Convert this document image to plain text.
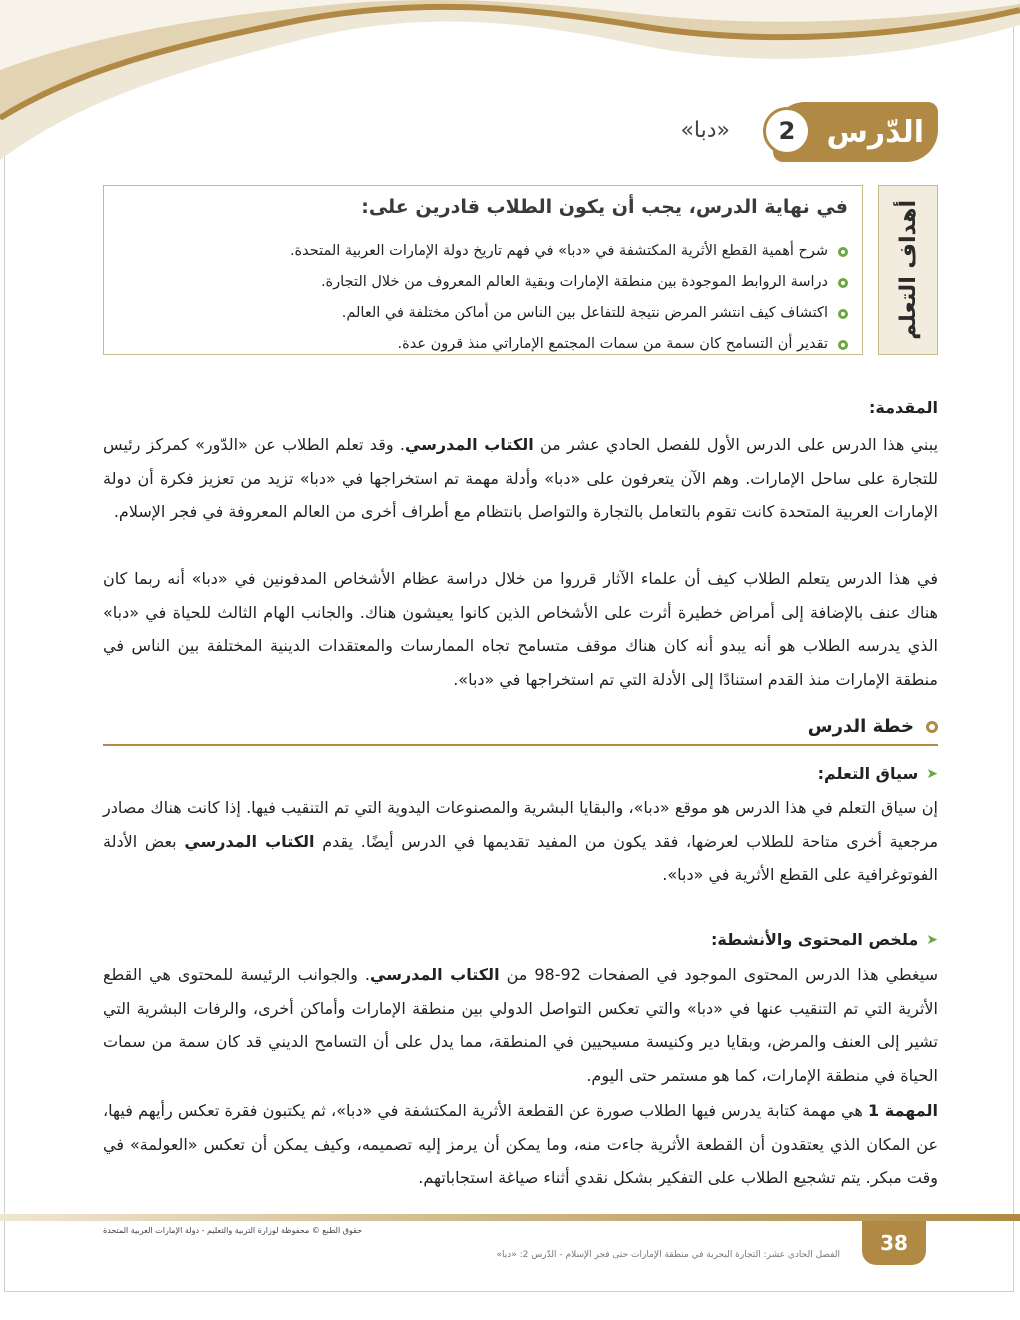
الدّرس
2
«دبا»
أهداف التعلم
في نهاية الدرس، يجب أن يكون الطلاب قادرين على:
شرح أهمية القطع الأثرية المكتشفة في «دبا» في فهم تاريخ دولة الإمارات العربية المتحدة.
دراسة الروابط الموجودة بين منطقة الإمارات وبقية العالم المعروف من خلال التجارة.
اكتشاف كيف انتشر المرض نتيجة للتفاعل بين الناس من أماكن مختلفة في العالم.
تقدير أن التسامح كان سمة من سمات المجتمع الإماراتي منذ قرون عدة.
المقدمة:

يبني هذا الدرس على الدرس الأول للفصل الحادي عشر من الكتاب المدرسي. وقد تعلم الطلاب عن «الدّور» كمركز رئيس للتجارة على ساحل الإمارات. وهم الآن يتعرفون على «دبا» وأدلة مهمة تم استخراجها في «دبا» تزيد من تعزيز فكرة أن دولة الإمارات العربية المتحدة كانت تقوم بالتعامل بالتجارة والتواصل بانتظام مع أطراف أخرى من العالم المعروفة في فجر الإسلام.

في هذا الدرس يتعلم الطلاب كيف أن علماء الآثار قرروا من خلال دراسة عظام الأشخاص المدفونين في «دبا» أنه ربما كان هناك عنف بالإضافة إلى أمراض خطيرة أثرت على الأشخاص الذين كانوا يعيشون هناك. والجانب الهام الثالث للحياة في «دبا» الذي يدرسه الطلاب هو أنه يبدو أنه كان هناك موقف متسامح تجاه الممارسات والمعتقدات الدينية المختلفة بين الناس في منطقة الإمارات منذ القدم استنادًا إلى الأدلة التي تم استخراجها في «دبا».

خطة الدرس
➤
سياق التعلم:

إن سياق التعلم في هذا الدرس هو موقع «دبا»، والبقايا البشرية والمصنوعات اليدوية التي تم التنقيب فيها. إذا كانت هناك مصادر مرجعية أخرى متاحة للطلاب لعرضها، فقد يكون من المفيد تقديمها في الدرس أيضًا. يقدم الكتاب المدرسي بعض الأدلة الفوتوغرافية على القطع الأثرية في «دبا».

➤
ملخص المحتوى والأنشطة:

سيغطي هذا الدرس المحتوى الموجود في الصفحات 92-98 من الكتاب المدرسي. والجوانب الرئيسة للمحتوى هي القطع الأثرية التي تم التنقيب عنها في «دبا» والتي تعكس التواصل الدولي بين منطقة الإمارات وأماكن أخرى، والرفات البشرية التي تشير إلى العنف والمرض، وبقايا دير وكنيسة مسيحيين في المنطقة، مما يدل على أن التسامح الديني قد كان سمة من سمات الحياة في منطقة الإمارات، كما هو مستمر حتى اليوم.

المهمة 1 هي مهمة كتابة يدرس فيها الطلاب صورة عن القطعة الأثرية المكتشفة في «دبا»، ثم يكتبون فقرة تعكس رأيهم فيها، عن المكان الذي يعتقدون أن القطعة الأثرية جاءت منه، وما يمكن أن يرمز إليه تصميمه، وكيف يمكن أن تعكس «العولمة» في وقت مبكر. يتم تشجيع الطلاب على التفكير بشكل نقدي أثناء صياغة استجاباتهم.

38
حقوق الطبع © محفوظة لوزارة التربية والتعليم - دولة الإمارات العربية المتحدة
الفصل الحادي عشر: التجارة البحرية في منطقة الإمارات حتى فجر الإسلام - الدّرس 2: «دبا»
